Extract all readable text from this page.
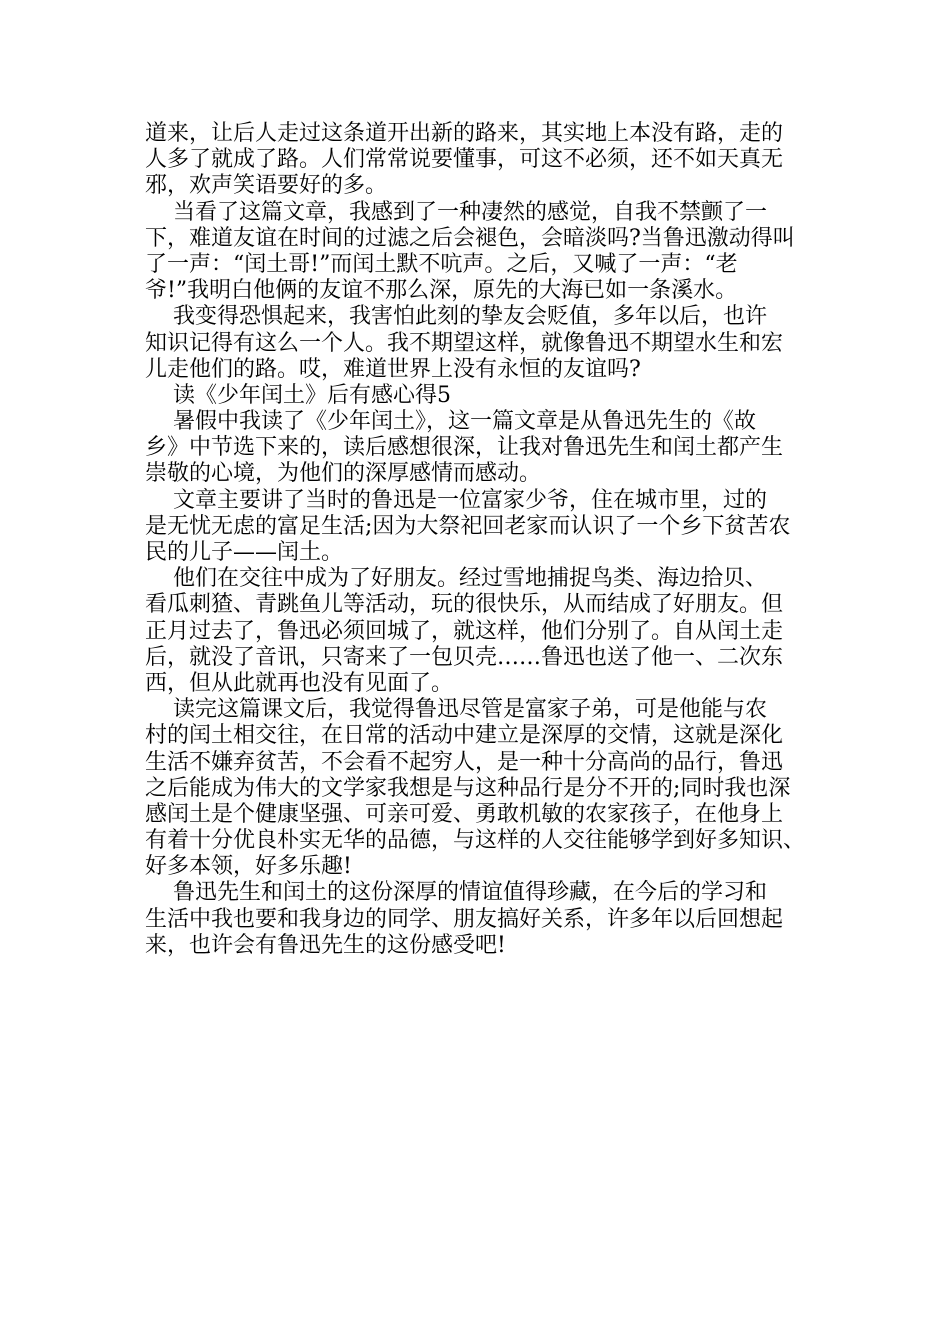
道来，让后人走过这条道开出新的路来，其实地上本没有路，走的
人多了就成了路。人们常常说要懂事，可这不必须，还不如天真无
邪，欢声笑语要好的多。
当看了这篇文章，我感到了一种凄然的感觉，自我不禁颤了一
下，难道友谊在时间的过滤之后会褪色，会暗淡吗?当鲁迅激动得叫
了一声：“闰土哥!”而闰土默不吭声。之后，又喊了一声：“老
爷!”我明白他俩的友谊不那么深，原先的大海已如一条溪水。
我变得恐惧起来，我害怕此刻的挚友会贬值，多年以后，也许
知识记得有这么一个人。我不期望这样，就像鲁迅不期望水生和宏
儿走他们的路。哎，难道世界上没有永恒的友谊吗?
读《少年闰土》后有感心得5
暑假中我读了《少年闰土》，这一篇文章是从鲁迅先生的《故
乡》中节选下来的，读后感想很深，让我对鲁迅先生和闰土都产生
崇敬的心境，为他们的深厚感情而感动。
文章主要讲了当时的鲁迅是一位富家少爷，住在城市里，过的
是无忧无虑的富足生活;因为大祭祀回老家而认识了一个乡下贫苦农
民的儿子——闰土。
他们在交往中成为了好朋友。经过雪地捕捉鸟类、海边拾贝、
看瓜刺猹、青跳鱼儿等活动，玩的很快乐，从而结成了好朋友。但
正月过去了，鲁迅必须回城了，就这样，他们分别了。自从闰土走
后，就没了音讯，只寄来了一包贝壳……鲁迅也送了他一、二次东
西，但从此就再也没有见面了。
读完这篇课文后，我觉得鲁迅尽管是富家子弟，可是他能与农
村的闰土相交往，在日常的活动中建立是深厚的交情，这就是深化
生活不嫌弃贫苦，不会看不起穷人，是一种十分高尚的品行，鲁迅
之后能成为伟大的文学家我想是与这种品行是分不开的;同时我也深
感闰土是个健康坚强、可亲可爱、勇敢机敏的农家孩子，在他身上
有着十分优良朴实无华的品德，与这样的人交往能够学到好多知识、
好多本领，好多乐趣!
鲁迅先生和闰土的这份深厚的情谊值得珍藏，在今后的学习和
生活中我也要和我身边的同学、朋友搞好关系，许多年以后回想起
来，也许会有鲁迅先生的这份感受吧!
